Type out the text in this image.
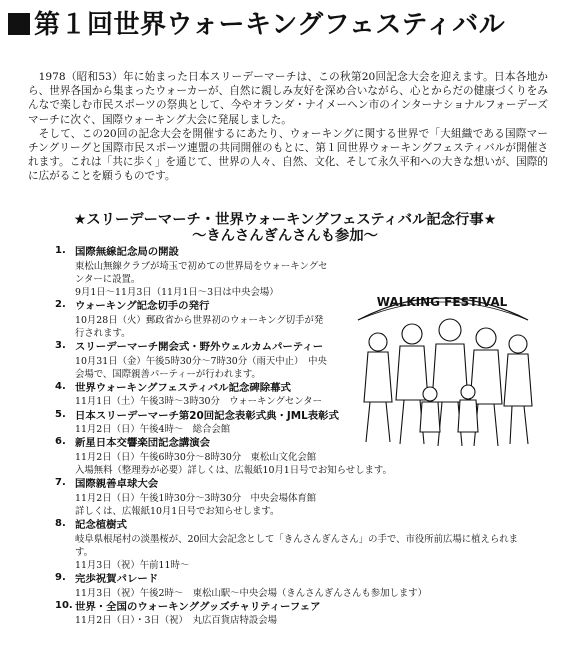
第１回世界ウォーキングフェスティバル

1978（昭和53）年に始まった日本スリーデーマーチは、この秋第20回記念大会を迎えます。日本各地から、世界各国から集まったウォーカーが、自然に親しみ友好を深め合いながら、心とからだの健康づくりをみんなで楽しむ市民スポーツの祭典として、今やオランダ・ナイメーヘン市のインターナショナルフォーデーズマーチに次ぐ、国際ウォーキング大会に発展しました。

そして、この20回の記念大会を開催するにあたり、ウォーキングに関する世界で「大組織である国際マーチングリーグと国際市民スポーツ連盟の共同開催のもとに、第１回世界ウォーキングフェスティバルが開催されます。これは「共に歩く」を通じて、世界の人々、自然、文化、そして永久平和への大きな想いが、国際的に広がることを願うものです。

★スリーデーマーチ・世界ウォーキングフェスティバル記念行事★
〜きんさんぎんさんも参加〜
1. 国際無線記念局の開設
東松山無線クラブが埼玉で初めての世界局をウォーキングセンターに設置。
9月1日〜11月3日（11月1日〜3日は中央会場）
2. ウォーキング記念切手の発行
10月28日（火）郵政省から世界初のウォーキング切手が発行されます。
3. スリーデーマーチ開会式・野外ウェルカムパーティー
10月31日（金）午後5時30分〜7時30分（雨天中止）　中央会場で、国際親善パーティーが行われます。
4. 世界ウォーキングフェスティバル記念碑除幕式
11月1日（土）午後3時〜3時30分　ウォーキングセンター
5. 日本スリーデーマーチ第20回記念表彰式典・JML表彰式
11月2日（日）午後4時〜　総合会館
6. 新星日本交響楽団記念講演会
11月2日（日）午後6時30分〜8時30分　東松山文化会館
入場無料（整理券が必要）詳しくは、広報紙10月1日号でお知らせします。
7. 国際親善卓球大会
11月2日（日）午後1時30分〜3時30分　中央会場体育館
詳しくは、広報紙10月1日号でお知らせします。
8. 記念植樹式
岐阜県根尾村の淡墨桜が、20回大会記念として「きんさんぎんさん」の手で、市役所前広場に植えられます。
11月3日（祝）午前11時〜
9. 完歩祝賀パレード
11月3日（祝）午後2時〜　東松山駅〜中央会場（きんさんぎんさんも参加します）
10. 世界・全国のウォーキンググッズチャリティーフェア
11月2日（日）・3日（祝）　丸広百貨店特設会場
WALKING FESTIVAL
